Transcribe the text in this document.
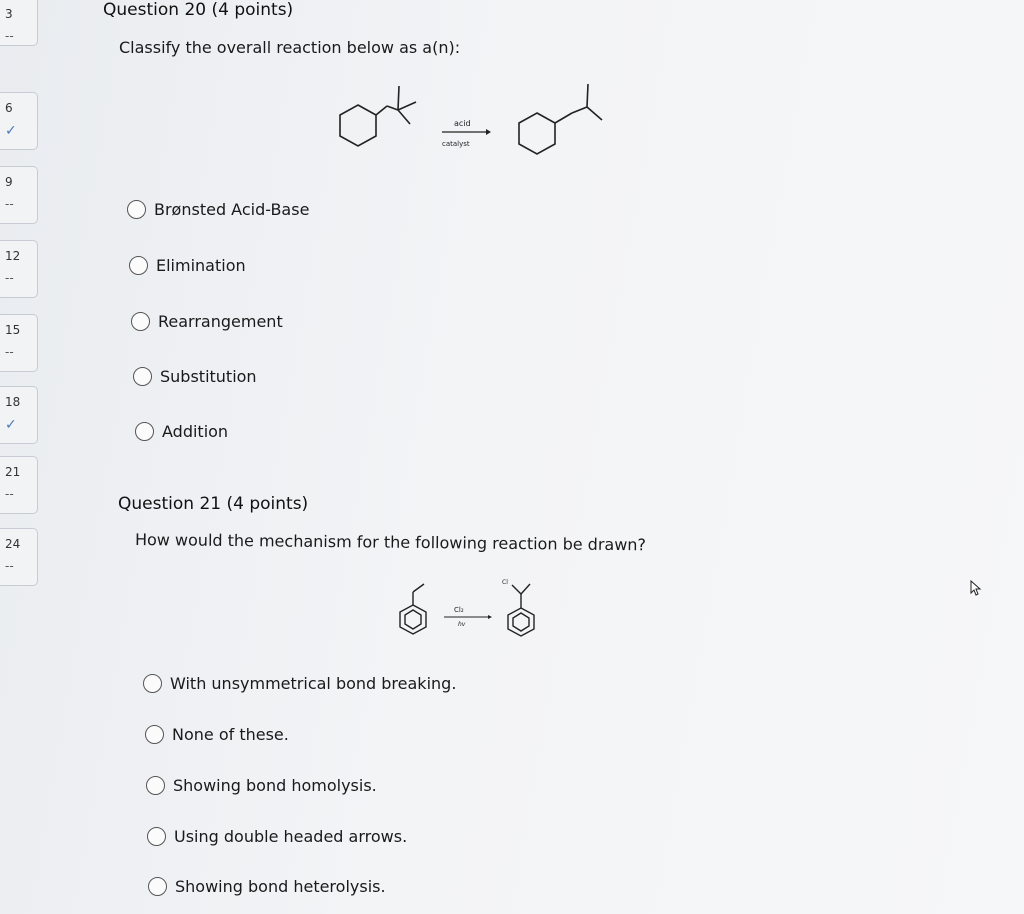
3
--
6
✓
9
--
12
--
15
--
18
✓
21
--
24
--
Question 20 (4 points)
Classify the overall reaction below as a(n):
acid
catalyst
Brønsted Acid-Base
Elimination
Rearrangement
Substitution
Addition
Question 21 (4 points)
How would the mechanism for the following reaction be drawn?
Cl₂
hv
Cl
With unsymmetrical bond breaking.
None of these.
Showing bond homolysis.
Using double headed arrows.
Showing bond heterolysis.
